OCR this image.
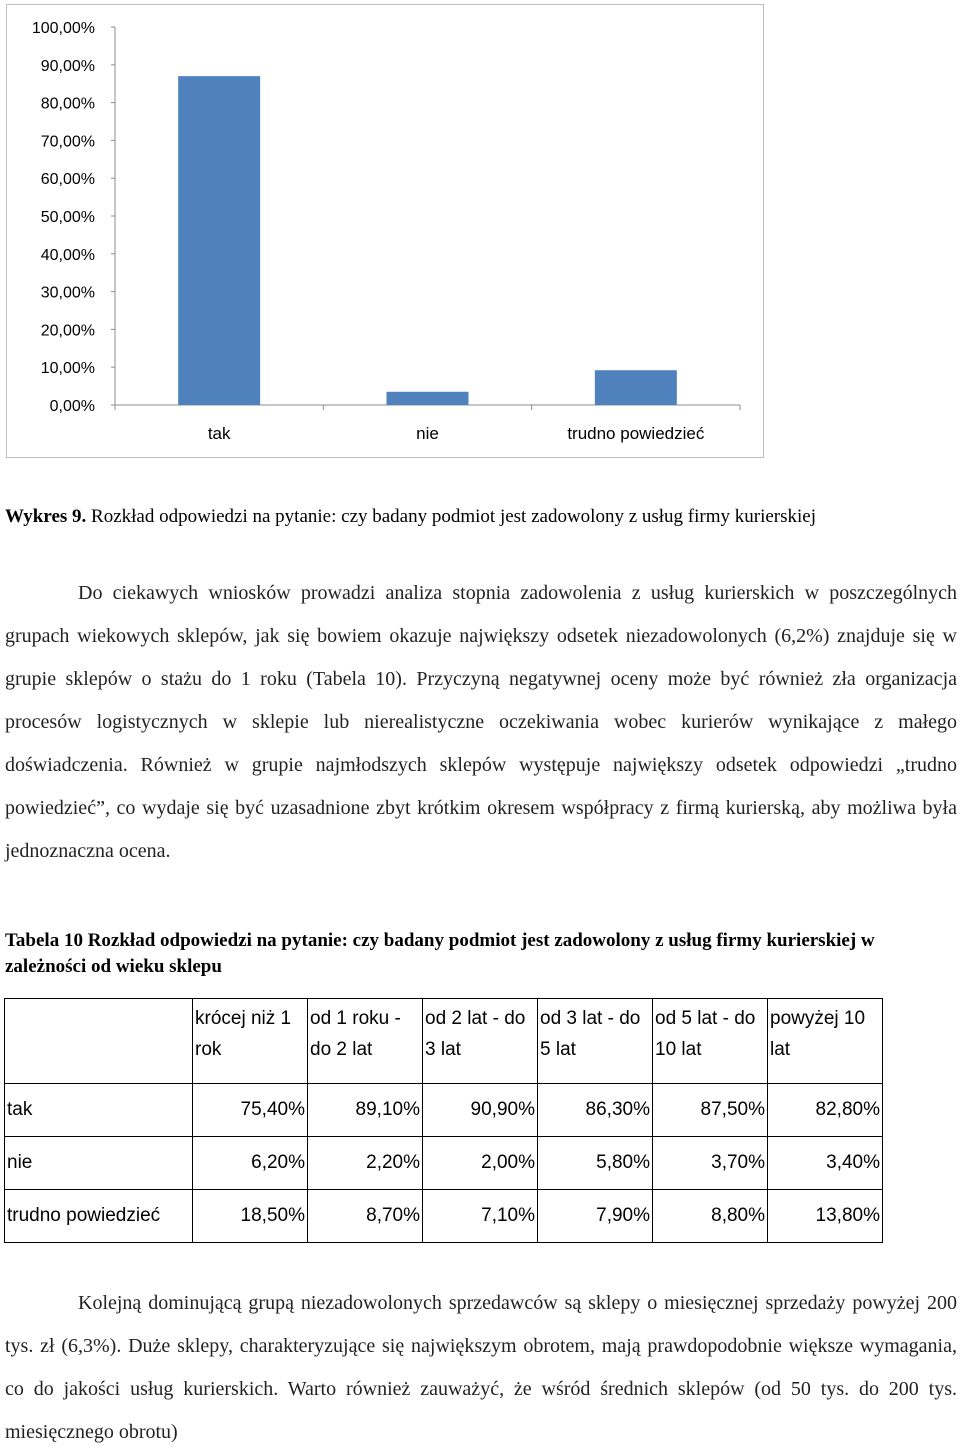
0,00%
10,00%
20,00%
30,00%
40,00%
50,00%
60,00%
70,00%
80,00%
90,00%
100,00%
tak	nie	trudno powiedzieć
Wykres 9. Rozkład odpowiedzi na pytanie: czy badany podmiot jest zadowolony z usług firmy kurierskiej
Do ciekawych wniosków prowadzi analiza stopnia zadowolenia z usług kurierskich w poszczególnych grupach wiekowych sklepów, jak się bowiem okazuje największy odsetek niezadowolonych (6,2%) znajduje się w grupie sklepów o stażu do 1 roku (Tabela 10). Przyczyną negatywnej oceny może być również zła organizacja procesów logistycznych w sklepie lub nierealistyczne oczekiwania wobec kurierów wynikające z małego doświadczenia. Również w grupie najmłodszych sklepów występuje największy odsetek odpowiedzi „trudno powiedzieć”, co wydaje się być uzasadnione zbyt krótkim okresem współpracy z firmą kurierską, aby możliwa była jednoznaczna ocena.
Tabela 10 Rozkład odpowiedzi na pytanie: czy badany podmiot jest zadowolony z usług firmy kurierskiej w zależności od wieku sklepu
	krócej niż 1 rok	od 1 roku - do 2 lat	od 2 lat - do 3 lat	od 3 lat - do 5 lat	od 5 lat - do 10 lat	powyżej 10 lat
tak	75,40%	89,10%	90,90%	86,30%	87,50%	82,80%
nie	6,20%	2,20%	2,00%	5,80%	3,70%	3,40%
trudno powiedzieć	18,50%	8,70%	7,10%	7,90%	8,80%	13,80%
Kolejną dominującą grupą niezadowolonych sprzedawców są sklepy o miesięcznej sprzedaży powyżej 200 tys. zł (6,3%). Duże sklepy, charakteryzujące się największym obrotem, mają prawdopodobnie większe wymagania, co do jakości usług kurierskich. Warto również zauważyć, że wśród średnich sklepów (od 50 tys. do 200 tys. miesięcznego obrotu)
